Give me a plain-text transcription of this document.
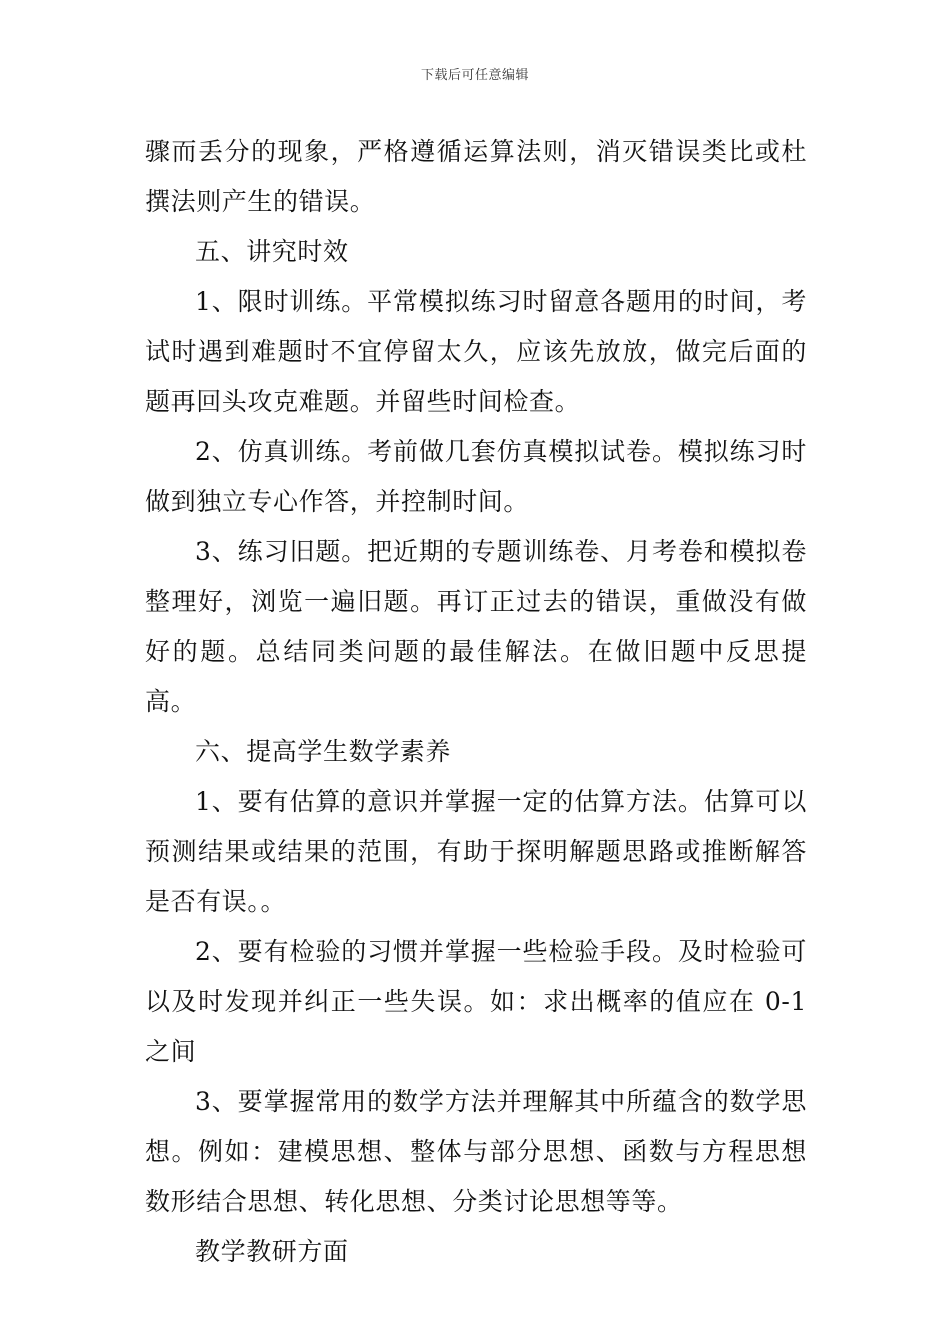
下载后可任意编辑

骤而丢分的现象，严格遵循运算法则，消灭错误类比或杜撰法则产生的错误。

五、讲究时效

1、限时训练。平常模拟练习时留意各题用的时间，考试时遇到难题时不宜停留太久，应该先放放，做完后面的题再回头攻克难题。并留些时间检查。

2、仿真训练。考前做几套仿真模拟试卷。模拟练习时做到独立专心作答，并控制时间。

3、练习旧题。把近期的专题训练卷、月考卷和模拟卷整理好，浏览一遍旧题。再订正过去的错误，重做没有做好的题。总结同类问题的最佳解法。在做旧题中反思提高。

六、提高学生数学素养

1、要有估算的意识并掌握一定的估算方法。估算可以预测结果或结果的范围，有助于探明解题思路或推断解答是否有误。。

2、要有检验的习惯并掌握一些检验手段。及时检验可以及时发现并纠正一些失误。如：求出概率的值应在 0-1 之间

3、要掌握常用的数学方法并理解其中所蕴含的数学思想。例如：建模思想、整体与部分思想、函数与方程思想数形结合思想、转化思想、分类讨论思想等等。

教学教研方面
